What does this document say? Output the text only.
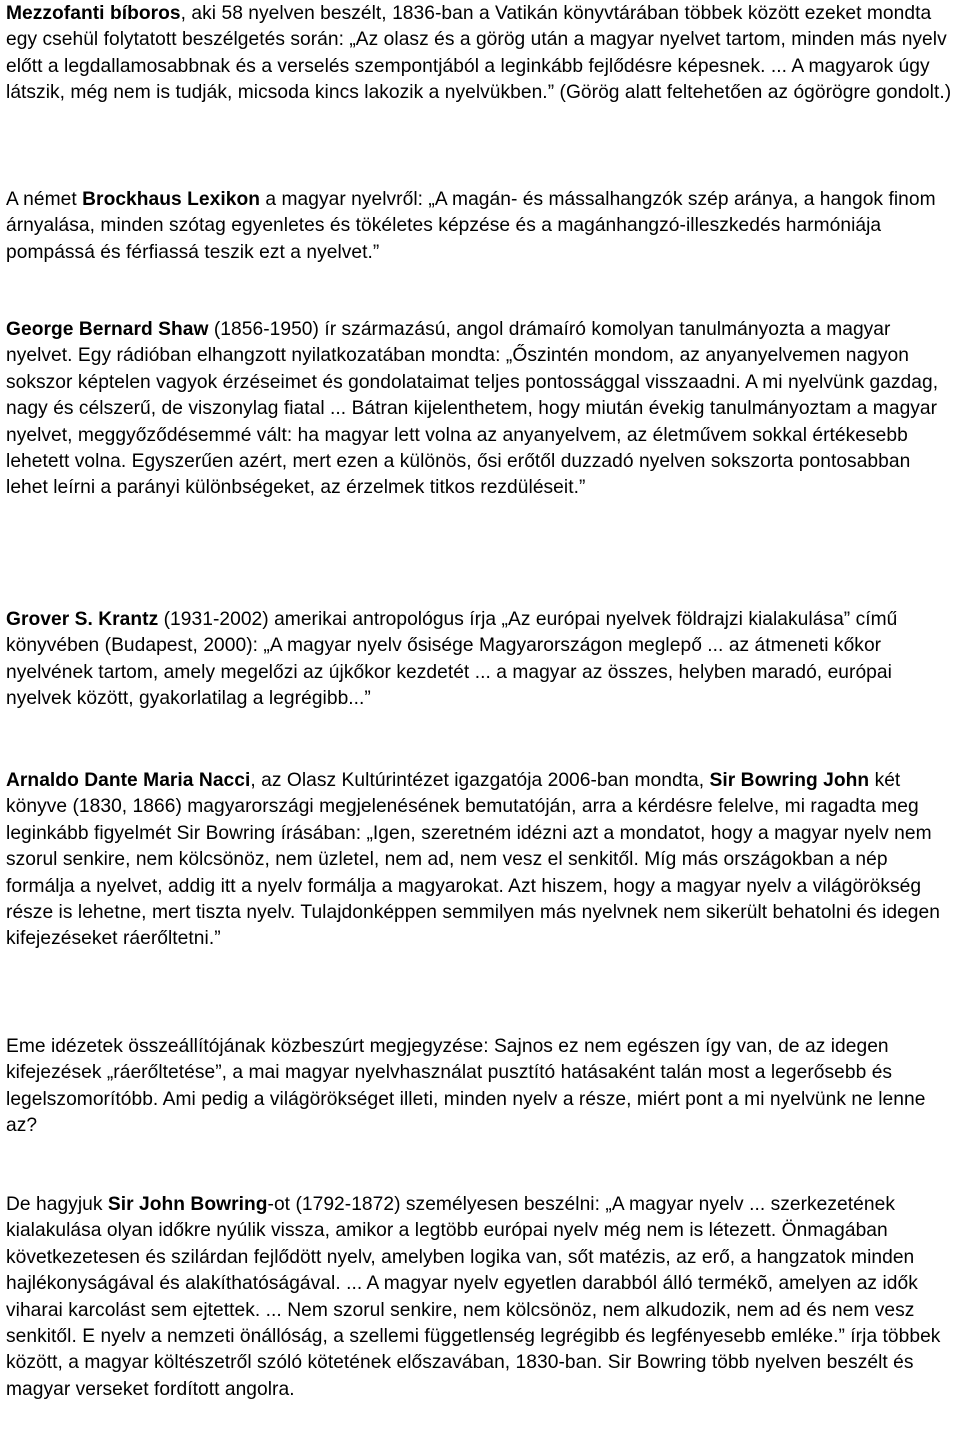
Mezzofanti bíboros, aki 58 nyelven beszélt, 1836-ban a Vatikán könyvtárában többek között ezeket mondta egy csehül folytatott beszélgetés során: „Az olasz és a görög után a magyar nyelvet tartom, minden más nyelv előtt a legdallamosabbnak és a verselés szempontjából a leginkább fejlődésre képesnek. ... A magyarok úgy látszik, még nem is tudják, micsoda kincs lakozik a nyelvükben.” (Görög alatt feltehetően az ógörögre gondolt.)

A német Brockhaus Lexikon a magyar nyelvről: „A magán- és mássalhangzók szép aránya, a hangok finom árnyalása, minden szótag egyenletes és tökéletes képzése és a magánhangzó-illeszkedés harmóniája pompássá és férfiassá teszik ezt a nyelvet.”

George Bernard Shaw (1856-1950) ír származású, angol drámaíró komolyan tanulmányozta a magyar nyelvet. Egy rádióban elhangzott nyilatkozatában mondta: „Őszintén mondom, az anyanyelvemen nagyon sokszor képtelen vagyok érzéseimet és gondolataimat teljes pontossággal visszaadni. A mi nyelvünk gazdag, nagy és célszerű, de viszonylag fiatal ... Bátran kijelenthetem, hogy miután évekig tanulmányoztam a magyar nyelvet, meggyőződésemmé vált: ha magyar lett volna az anyanyelvem, az életművem sokkal értékesebb lehetett volna. Egyszerűen azért, mert ezen a különös, ősi erőtől duzzadó nyelven sokszorta pontosabban lehet leírni a parányi különbségeket, az érzelmek titkos rezdüléseit.”

Grover S. Krantz (1931-2002) amerikai antropológus írja „Az európai nyelvek földrajzi kialakulása” című könyvében (Budapest, 2000): „A magyar nyelv ősisége Magyarországon meglepő ... az átmeneti kőkor nyelvének tartom, amely megelőzi az újkőkor kezdetét ... a magyar az összes, helyben maradó, európai nyelvek között, gyakorlatilag a legrégibb...”

Arnaldo Dante Maria Nacci, az Olasz Kultúrintézet igazgatója 2006-ban mondta, Sir Bowring John két könyve (1830, 1866) magyarországi megjelenésének bemutatóján, arra a kérdésre felelve, mi ragadta meg leginkább figyelmét Sir Bowring írásában: „Igen, szeretném idézni azt a mondatot, hogy a magyar nyelv nem szorul senkire, nem kölcsönöz, nem üzletel, nem ad, nem vesz el senkitől. Míg más országokban a nép formálja a nyelvet, addig itt a nyelv formálja a magyarokat. Azt hiszem, hogy a magyar nyelv a világörökség része is lehetne, mert tiszta nyelv. Tulajdonképpen semmilyen más nyelvnek nem sikerült behatolni és idegen kifejezéseket ráerőltetni.”

Eme idézetek összeállítójának közbeszúrt megjegyzése: Sajnos ez nem egészen így van, de az idegen kifejezések „ráerőltetése”, a mai magyar nyelvhasználat pusztító hatásaként talán most a legerősebb és legelszomorítóbb. Ami pedig a világörökséget illeti, minden nyelv a része, miért pont a mi nyelvünk ne lenne az?

De hagyjuk Sir John Bowring-ot (1792-1872) személyesen beszélni: „A magyar nyelv ... szerkezetének kialakulása olyan időkre nyúlik vissza, amikor a legtöbb európai nyelv még nem is létezett. Önmagában következetesen és szilárdan fejlődött nyelv, amelyben logika van, sőt matézis, az erő, a hangzatok minden hajlékonyságával és alakíthatóságával. ... A magyar nyelv egyetlen darabból álló termékõ, amelyen az idők viharai karcolást sem ejtettek. ... Nem szorul senkire, nem kölcsönöz, nem alkudozik, nem ad és nem vesz senkitől. E nyelv a nemzeti önállóság, a szellemi függetlenség legrégibb és legfényesebb emléke.” írja többek között, a magyar költészetről szóló kötetének előszavában, 1830-ban. Sir Bowring több nyelven beszélt és magyar verseket fordított angolra.
